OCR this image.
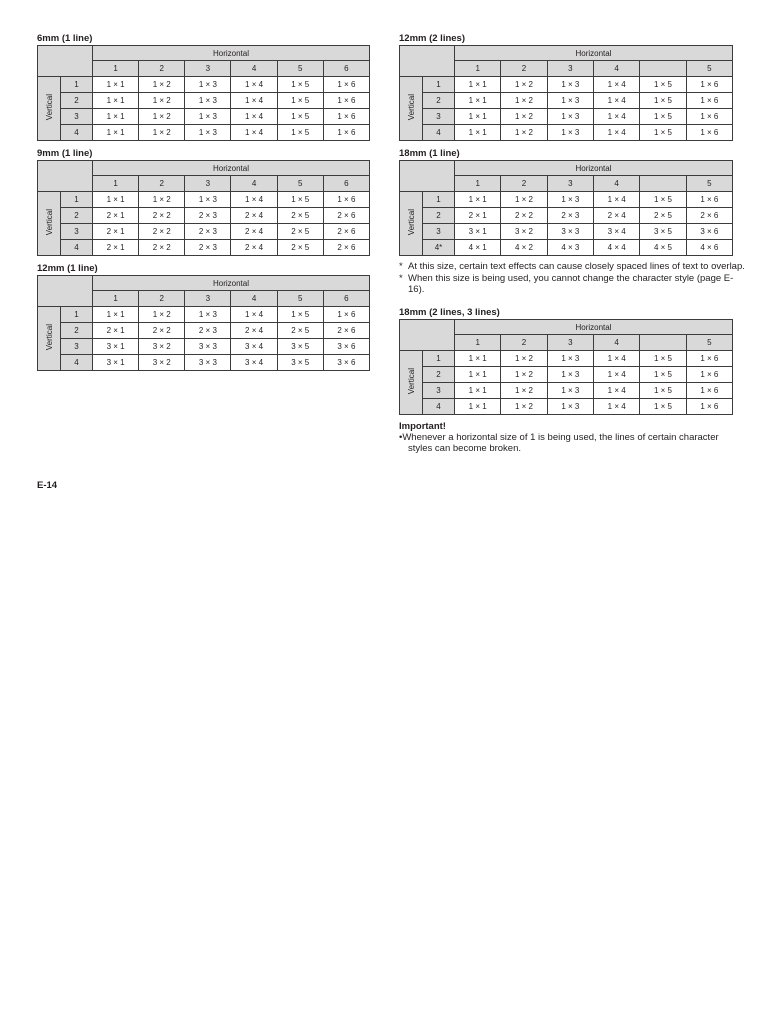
6mm (1 line)
		Horizontal					
		1	2	3	4	5	6
Vertical	1	1 × 1	1 × 2	1 × 3	1 × 4	1 × 5	1 × 6
	2	1 × 1	1 × 2	1 × 3	1 × 4	1 × 5	1 × 6
	3	1 × 1	1 × 2	1 × 3	1 × 4	1 × 5	1 × 6
	4	1 × 1	1 × 2	1 × 3	1 × 4	1 × 5	1 × 6
9mm (1 line)
		Horizontal					
		1	2	3	4	5	6
Vertical	1	1 × 1	1 × 2	1 × 3	1 × 4	1 × 5	1 × 6
	2	2 × 1	2 × 2	2 × 3	2 × 4	2 × 5	2 × 6
	3	2 × 1	2 × 2	2 × 3	2 × 4	2 × 5	2 × 6
	4	2 × 1	2 × 2	2 × 3	2 × 4	2 × 5	2 × 6
12mm (1 line)
		Horizontal					
		1	2	3	4	5	6
Vertical	1	1 × 1	1 × 2	1 × 3	1 × 4	1 × 5	1 × 6
	2	2 × 1	2 × 2	2 × 3	2 × 4	2 × 5	2 × 6
	3	3 × 1	3 × 2	3 × 3	3 × 4	3 × 5	3 × 6
	4	3 × 1	3 × 2	3 × 3	3 × 4	3 × 5	3 × 6
12mm (2 lines)
		Horizontal					
		1	2	3	4		5
Vertical	1	1 × 1	1 × 2	1 × 3	1 × 4	1 × 5	1 × 6
	2	1 × 1	1 × 2	1 × 3	1 × 4	1 × 5	1 × 6
	3	1 × 1	1 × 2	1 × 3	1 × 4	1 × 5	1 × 6
	4	1 × 1	1 × 2	1 × 3	1 × 4	1 × 5	1 × 6
18mm (1 line)
		Horizontal					
		1	2	3	4		5
Vertical	1	1 × 1	1 × 2	1 × 3	1 × 4	1 × 5	1 × 6
	2	2 × 1	2 × 2	2 × 3	2 × 4	2 × 5	2 × 6
	3	3 × 1	3 × 2	3 × 3	3 × 4	3 × 5	3 × 6
	4*	4 × 1	4 × 2	4 × 3	4 × 4	4 × 5	4 × 6
* At this size, certain text effects can cause closely spaced lines of text to overlap.
* When this size is being used, you cannot change the character style (page E-16).
18mm (2 lines, 3 lines)
		Horizontal					
		1	2	3	4		5
Vertical	1	1 × 1	1 × 2	1 × 3	1 × 4	1 × 5	1 × 6
	2	1 × 1	1 × 2	1 × 3	1 × 4	1 × 5	1 × 6
	3	1 × 1	1 × 2	1 × 3	1 × 4	1 × 5	1 × 6
	4	1 × 1	1 × 2	1 × 3	1 × 4	1 × 5	1 × 6
Important!
•Whenever a horizontal size of 1 is being used, the lines of certain character styles can become broken.
E-14
